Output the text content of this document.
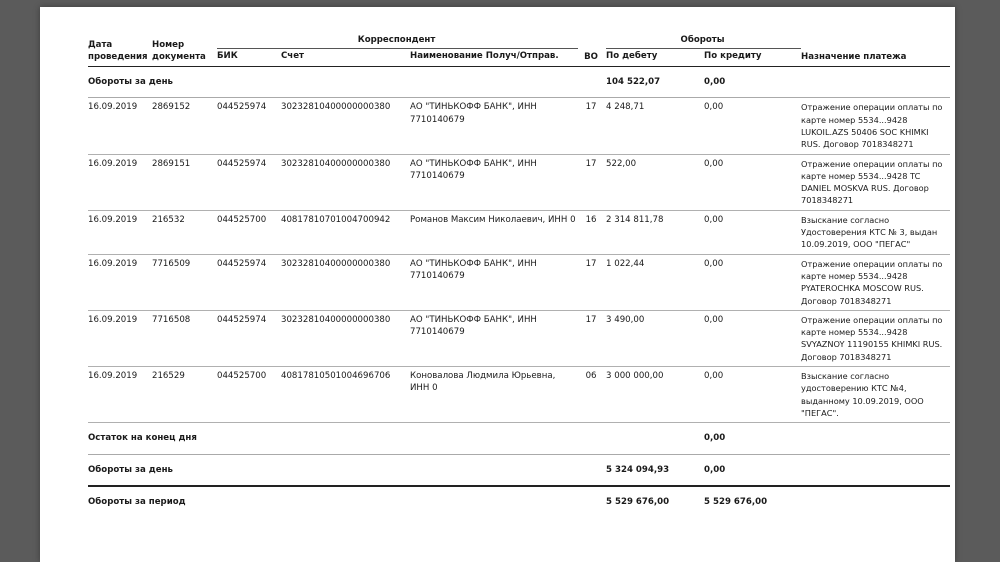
Дата проведения	Номер документа	Корреспондент			ВО	Обороты		Назначение платежа
		БИК	Счет	Наименование Получ/Отправ.		По дебету	По кредиту	
Обороты за день						104 522,07	0,00	
16.09.2019	2869152	044525974	30232810400000000380	АО "ТИНЬКОФФ БАНК", ИНН 7710140679	17	4 248,71	0,00	Отражение операции оплаты по карте номер 5534...9428 LUKOIL.AZS 50406 SOC KHIMKI RUS. Договор 7018348271
16.09.2019	2869151	044525974	30232810400000000380	АО "ТИНЬКОФФ БАНК", ИНН 7710140679	17	522,00	0,00	Отражение операции оплаты по карте номер 5534...9428 TC DANIEL MOSKVA RUS. Договор 7018348271
16.09.2019	216532	044525700	40817810701004700942	Романов Максим Николаевич, ИНН 0	16	2 314 811,78	0,00	Взыскание согласно Удостоверения КТС № 3, выдан 10.09.2019, ООО "ПЕГАС"
16.09.2019	7716509	044525974	30232810400000000380	АО "ТИНЬКОФФ БАНК", ИНН 7710140679	17	1 022,44	0,00	Отражение операции оплаты по карте номер 5534...9428 PYATEROCHKA MOSCOW RUS. Договор 7018348271
16.09.2019	7716508	044525974	30232810400000000380	АО "ТИНЬКОФФ БАНК", ИНН 7710140679	17	3 490,00	0,00	Отражение операции оплаты по карте номер 5534...9428 SVYAZNOY 11190155 KHIMKI RUS. Договор 7018348271
16.09.2019	216529	044525700	40817810501004696706	Коновалова Людмила Юрьевна, ИНН 0	06	3 000 000,00	0,00	Взыскание согласно удостоверению КТС №4, выданному 10.09.2019, ООО "ПЕГАС".
Остаток на конец дня							0,00	
Обороты за день						5 324 094,93	0,00	
Обороты за период						5 529 676,00	5 529 676,00	
